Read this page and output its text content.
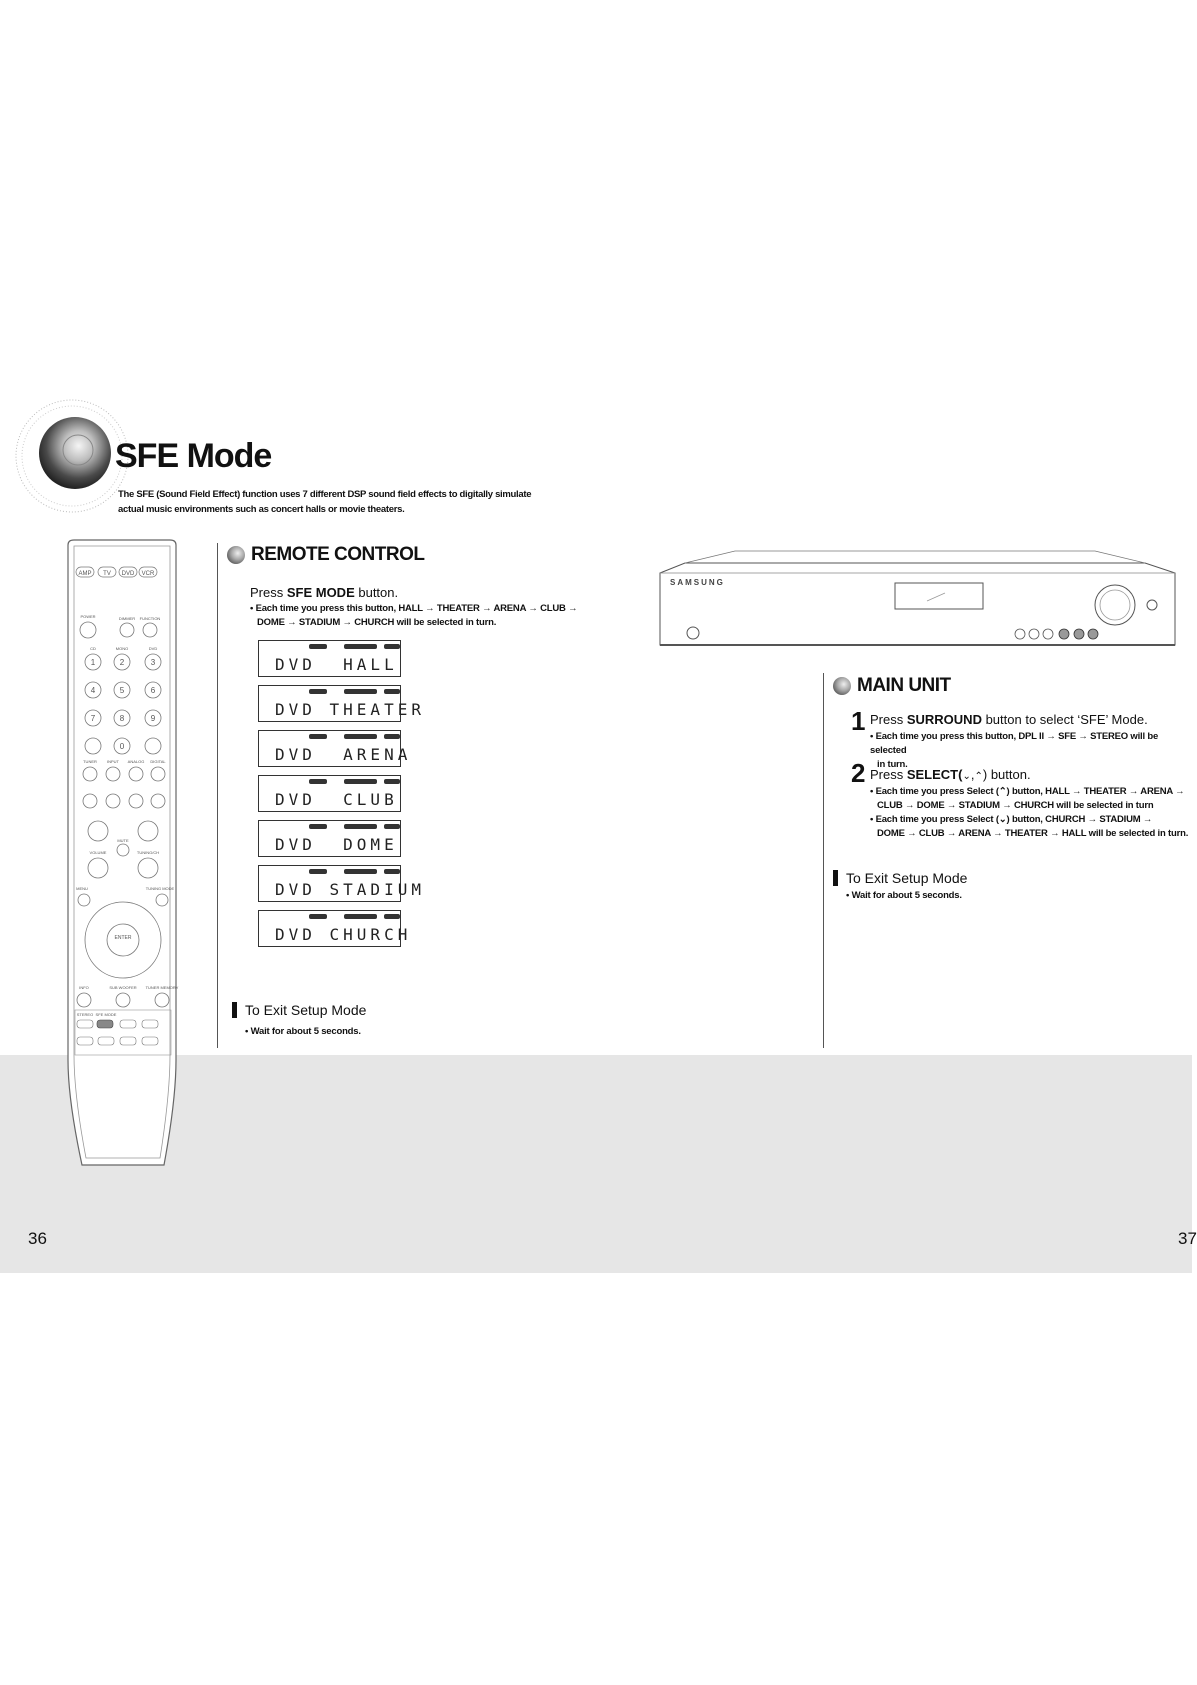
SFE Mode
The SFE (Sound Field Effect) function uses 7 different DSP sound field effects to digitally simulate
actual music environments such as concert halls or movie theaters.
AMP TV DVD VCR
POWER	DIMMER FUNCTION
1	2	3
4	5	6
7	8	9
0
CD	MONO	DVD
TUNER	INPUT ANALOG DIGITAL
MUTE
VOLUME	TUNING/CH
MENU	TUNING MODE
ENTER
INFO	SUB WOOFER TUNER MEMORY
STEREO SFE MODE
REMOTE CONTROL
Press SFE MODE button.
• Each time you press this button, HALL → THEATER → ARENA → CLUB →
DOME → STADIUM → CHURCH will be selected in turn.
DVD  HALL
DVD THEATER
DVD  ARENA
DVD  CLUB
DVD  DOME
DVD STADIUM
DVD CHURCH
To Exit Setup Mode
• Wait for about 5 seconds.
SAMSUNG
MAIN UNIT
1 Press SURROUND button to select ‘SFE’ Mode.
• Each time you press this button, DPL II → SFE → STEREO will be selected
in turn.
2 Press SELECT(⌄,⌃) button.
• Each time you press Select (⌃) button, HALL → THEATER → ARENA →
CLUB → DOME → STADIUM → CHURCH will be selected in turn
• Each time you press Select (⌄) button, CHURCH → STADIUM →
DOME → CLUB → ARENA → THEATER → HALL will be selected in turn.
To Exit Setup Mode
• Wait for about 5 seconds.
36	37
